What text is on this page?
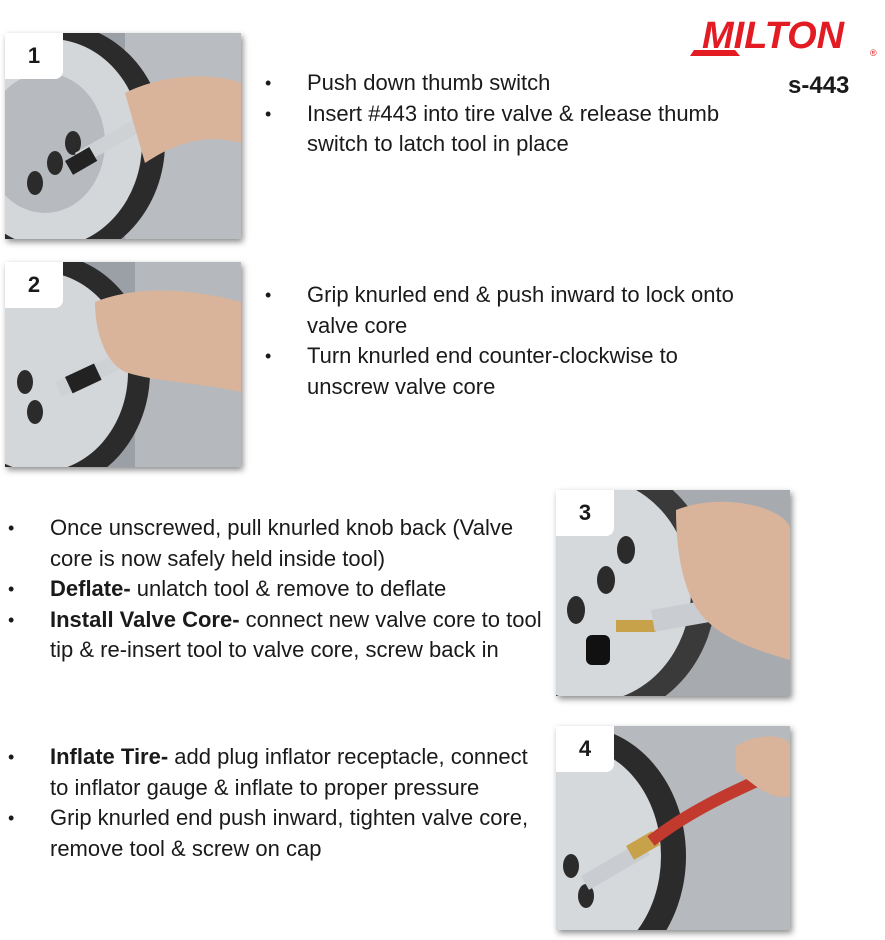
MILTON	®
s-443
1
• Push down thumb switch
• Insert #443 into tire valve & release thumb switch to latch tool in place
2
•	Grip knurled end & push inward to lock onto valve core
• Turn knurled end counter-clockwise to unscrew valve core
• Once unscrewed, pull knurled knob back (Valve core is now safely held inside tool)
• Deflate- unlatch tool & remove to deflate
• Install Valve Core- connect new valve core to tool tip & re-insert tool to valve core, screw back in
3
• Inflate Tire- add plug inflator receptacle, connect to inflator gauge & inflate to proper pressure
• Grip knurled end push inward, tighten valve core, remove tool & screw on cap
4
